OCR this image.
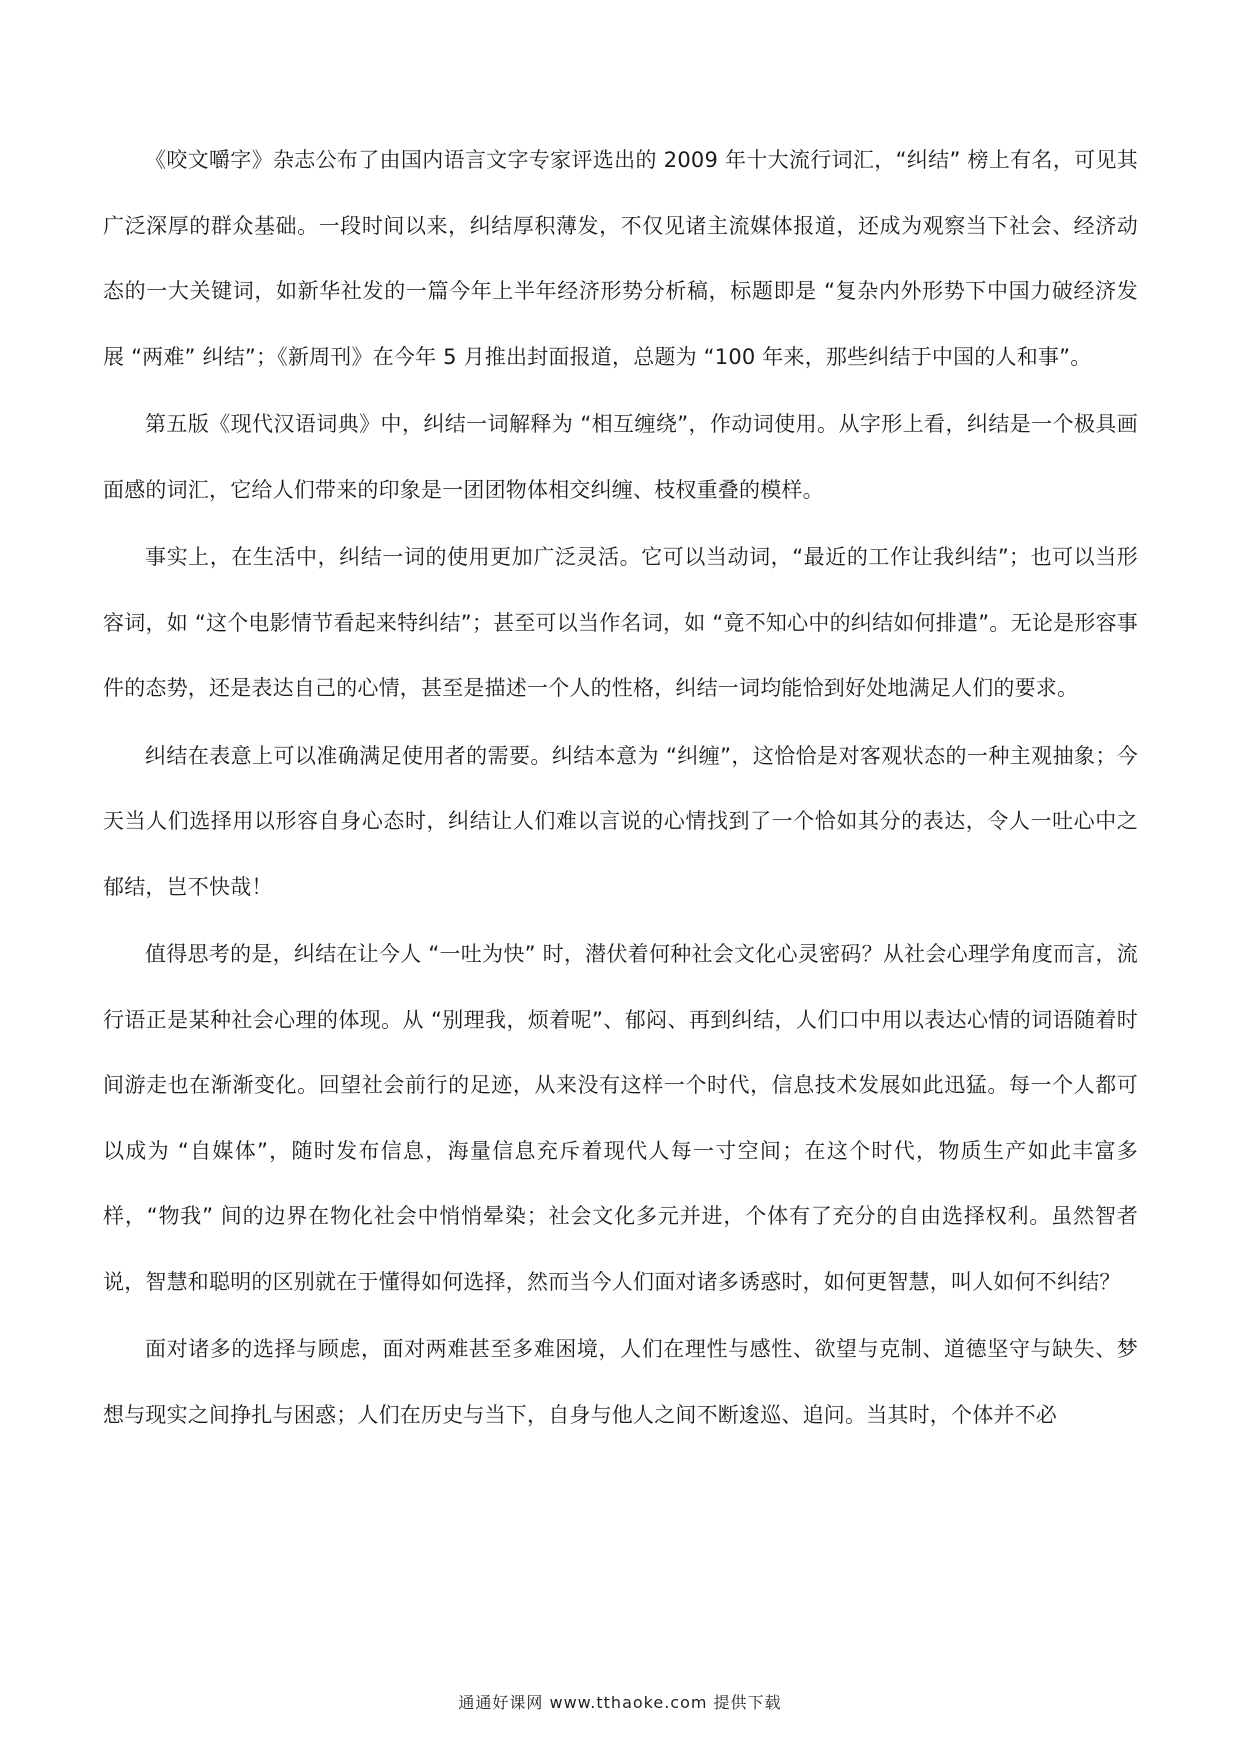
《咬文嚼字》杂志公布了由国内语言文字专家评选出的 2009 年十大流行词汇，“纠结” 榜上有名，可见其广泛深厚的群众基础。一段时间以来，纠结厚积薄发，不仅见诸主流媒体报道，还成为观察当下社会、经济动态的一大关键词，如新华社发的一篇今年上半年经济形势分析稿，标题即是 “复杂内外形势下中国力破经济发展 “两难” 纠结”；《新周刊》在今年 5 月推出封面报道，总题为 “100 年来，那些纠结于中国的人和事”。

第五版《现代汉语词典》中，纠结一词解释为 “相互缠绕”，作动词使用。从字形上看，纠结是一个极具画面感的词汇，它给人们带来的印象是一团团物体相交纠缠、枝杈重叠的模样。

事实上，在生活中，纠结一词的使用更加广泛灵活。它可以当动词，“最近的工作让我纠结”；也可以当形容词，如 “这个电影情节看起来特纠结”；甚至可以当作名词，如 “竟不知心中的纠结如何排遣”。无论是形容事件的态势，还是表达自己的心情，甚至是描述一个人的性格，纠结一词均能恰到好处地满足人们的要求。

纠结在表意上可以准确满足使用者的需要。纠结本意为 “纠缠”，这恰恰是对客观状态的一种主观抽象；今天当人们选择用以形容自身心态时，纠结让人们难以言说的心情找到了一个恰如其分的表达，令人一吐心中之郁结，岂不快哉！

值得思考的是，纠结在让今人 “一吐为快” 时，潜伏着何种社会文化心灵密码？从社会心理学角度而言，流行语正是某种社会心理的体现。从 “别理我，烦着呢”、郁闷、再到纠结，人们口中用以表达心情的词语随着时间游走也在渐渐变化。回望社会前行的足迹，从来没有这样一个时代，信息技术发展如此迅猛。每一个人都可以成为 “自媒体”，随时发布信息，海量信息充斥着现代人每一寸空间；在这个时代，物质生产如此丰富多样，“物我” 间的边界在物化社会中悄悄晕染；社会文化多元并进，个体有了充分的自由选择权利。虽然智者说，智慧和聪明的区别就在于懂得如何选择，然而当今人们面对诸多诱惑时，如何更智慧，叫人如何不纠结？

面对诸多的选择与顾虑，面对两难甚至多难困境，人们在理性与感性、欲望与克制、道德坚守与缺失、梦想与现实之间挣扎与困惑；人们在历史与当下，自身与他人之间不断逡巡、追问。当其时，个体并不必

通通好课网 www.tthaoke.com 提供下载
